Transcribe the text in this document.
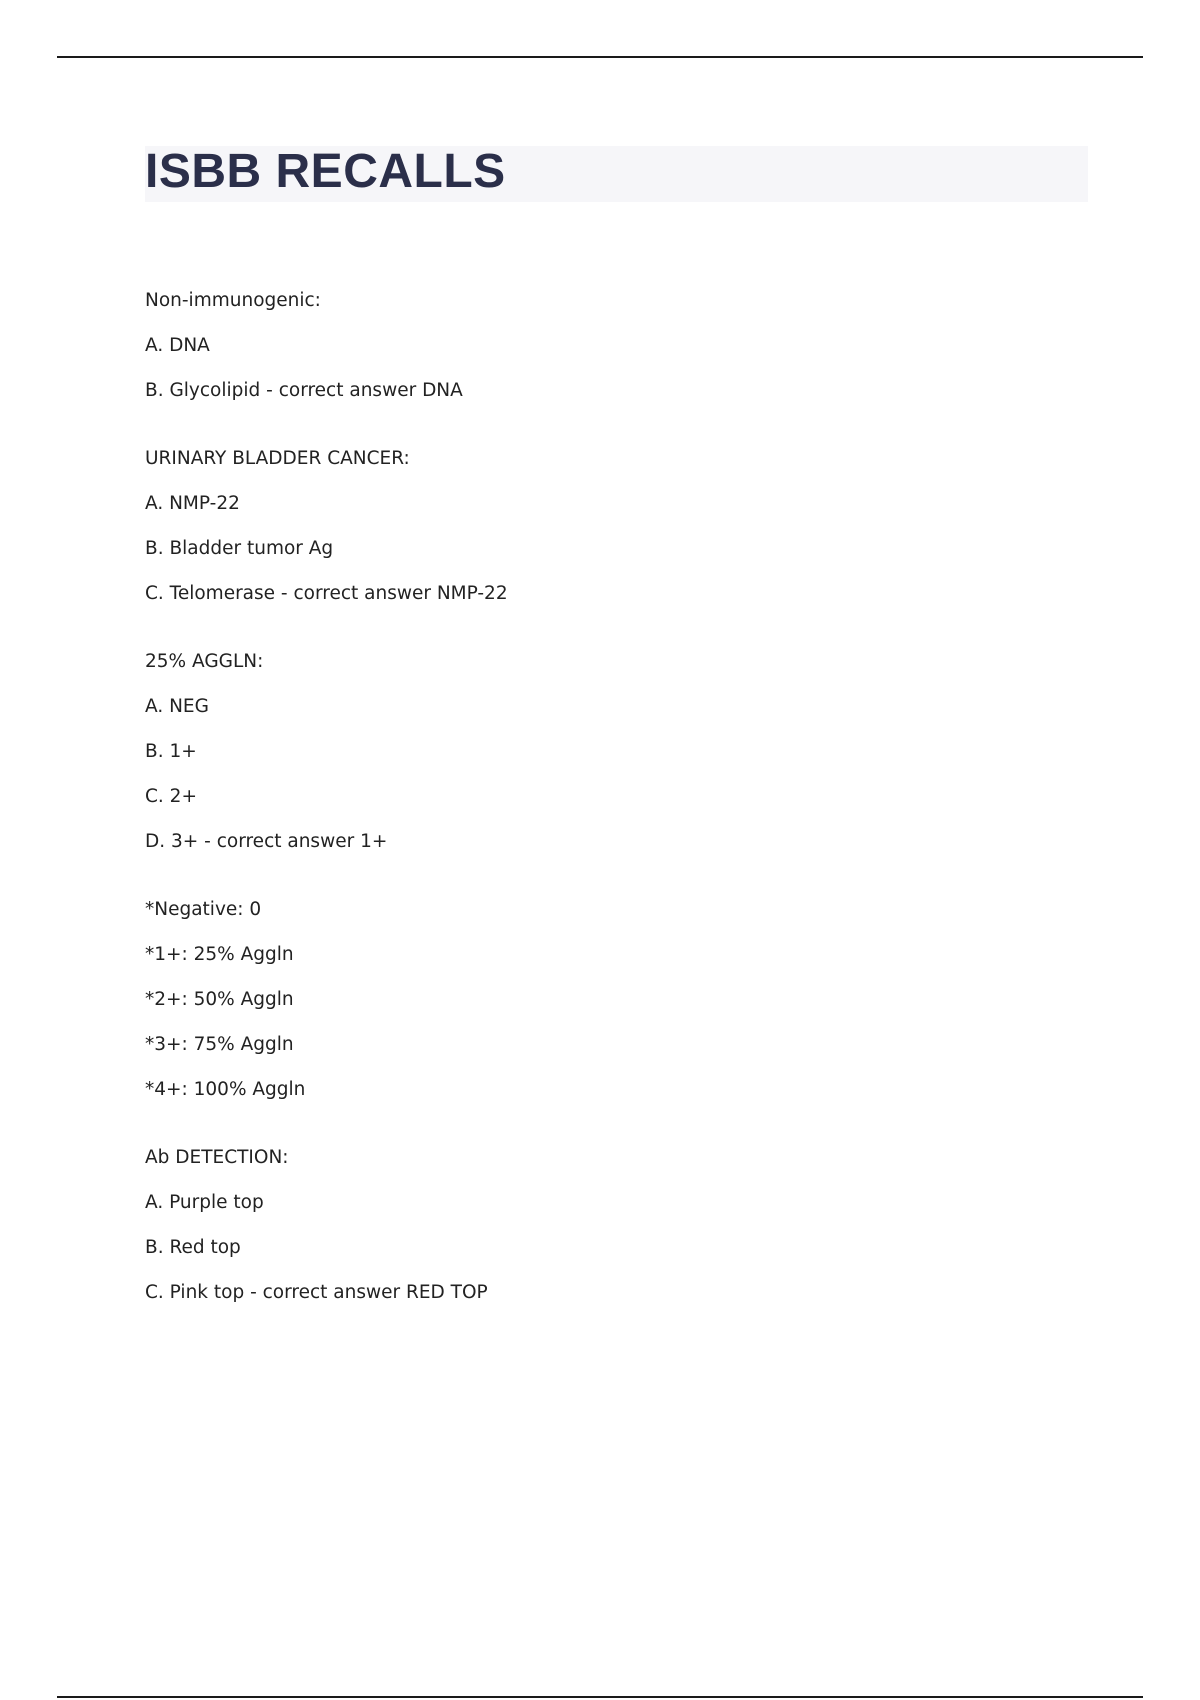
ISBB RECALLS

Non-immunogenic:

A. DNA

B. Glycolipid - correct answer DNA

URINARY BLADDER CANCER:

A. NMP-22

B. Bladder tumor Ag

C. Telomerase - correct answer NMP-22

25% AGGLN:

A. NEG

B. 1+

C. 2+

D. 3+ - correct answer 1+

*Negative: 0

*1+: 25% Aggln

*2+: 50% Aggln

*3+: 75% Aggln

*4+: 100% Aggln

Ab DETECTION:

A. Purple top

B. Red top

C. Pink top - correct answer RED TOP
